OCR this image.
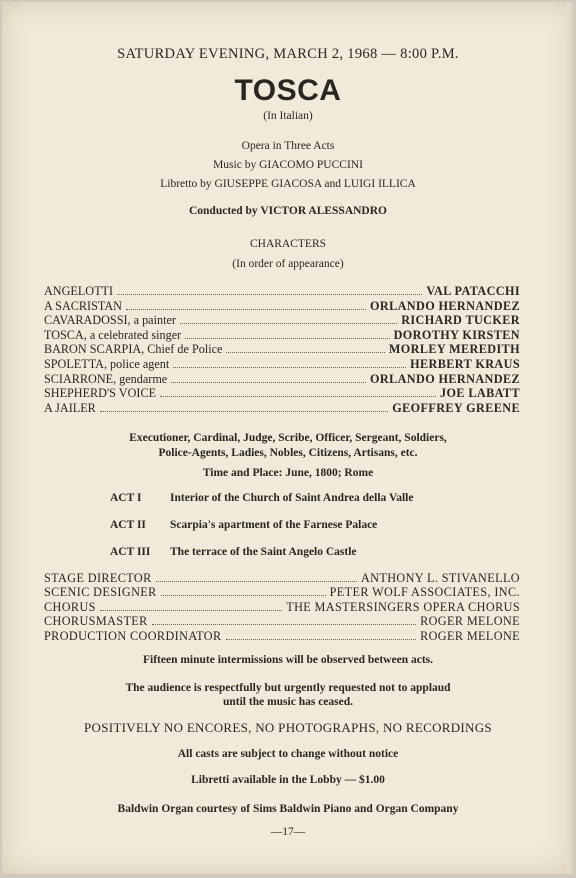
SATURDAY EVENING, MARCH 2, 1968 — 8:00 P.M.
TOSCA
(In Italian)
Opera in Three Acts
Music by GIACOMO PUCCINI
Libretto by GIUSEPPE GIACOSA and LUIGI ILLICA
Conducted by VICTOR ALESSANDRO
CHARACTERS
(In order of appearance)
ANGELOTTI	VAL PATACCHI
A SACRISTAN	ORLANDO HERNANDEZ
CAVARADOSSI, a painter	RICHARD TUCKER
TOSCA, a celebrated singer	DOROTHY KIRSTEN
BARON SCARPIA, Chief de Police	MORLEY MEREDITH
SPOLETTA, police agent	HERBERT KRAUS
SCIARRONE, gendarme	ORLANDO HERNANDEZ
SHEPHERD'S VOICE	JOE LABATT
A JAILER	GEOFFREY GREENE
Executioner, Cardinal, Judge, Scribe, Officer, Sergeant, Soldiers,
Police-Agents, Ladies, Nobles, Citizens, Artisans, etc.
Time and Place: June, 1800; Rome
ACT I Interior of the Church of Saint Andrea della Valle
ACT II Scarpia's apartment of the Farnese Palace
ACT III The terrace of the Saint Angelo Castle
STAGE DIRECTOR	ANTHONY L. STIVANELLO
SCENIC DESIGNER	PETER WOLF ASSOCIATES, INC.
CHORUS	THE MASTERSINGERS OPERA CHORUS
CHORUSMASTER	ROGER MELONE
PRODUCTION COORDINATOR	ROGER MELONE
Fifteen minute intermissions will be observed between acts.
The audience is respectfully but urgently requested not to applaud
until the music has ceased.
POSITIVELY NO ENCORES, NO PHOTOGRAPHS, NO RECORDINGS
All casts are subject to change without notice
Libretti available in the Lobby — $1.00
Baldwin Organ courtesy of Sims Baldwin Piano and Organ Company
—17—
